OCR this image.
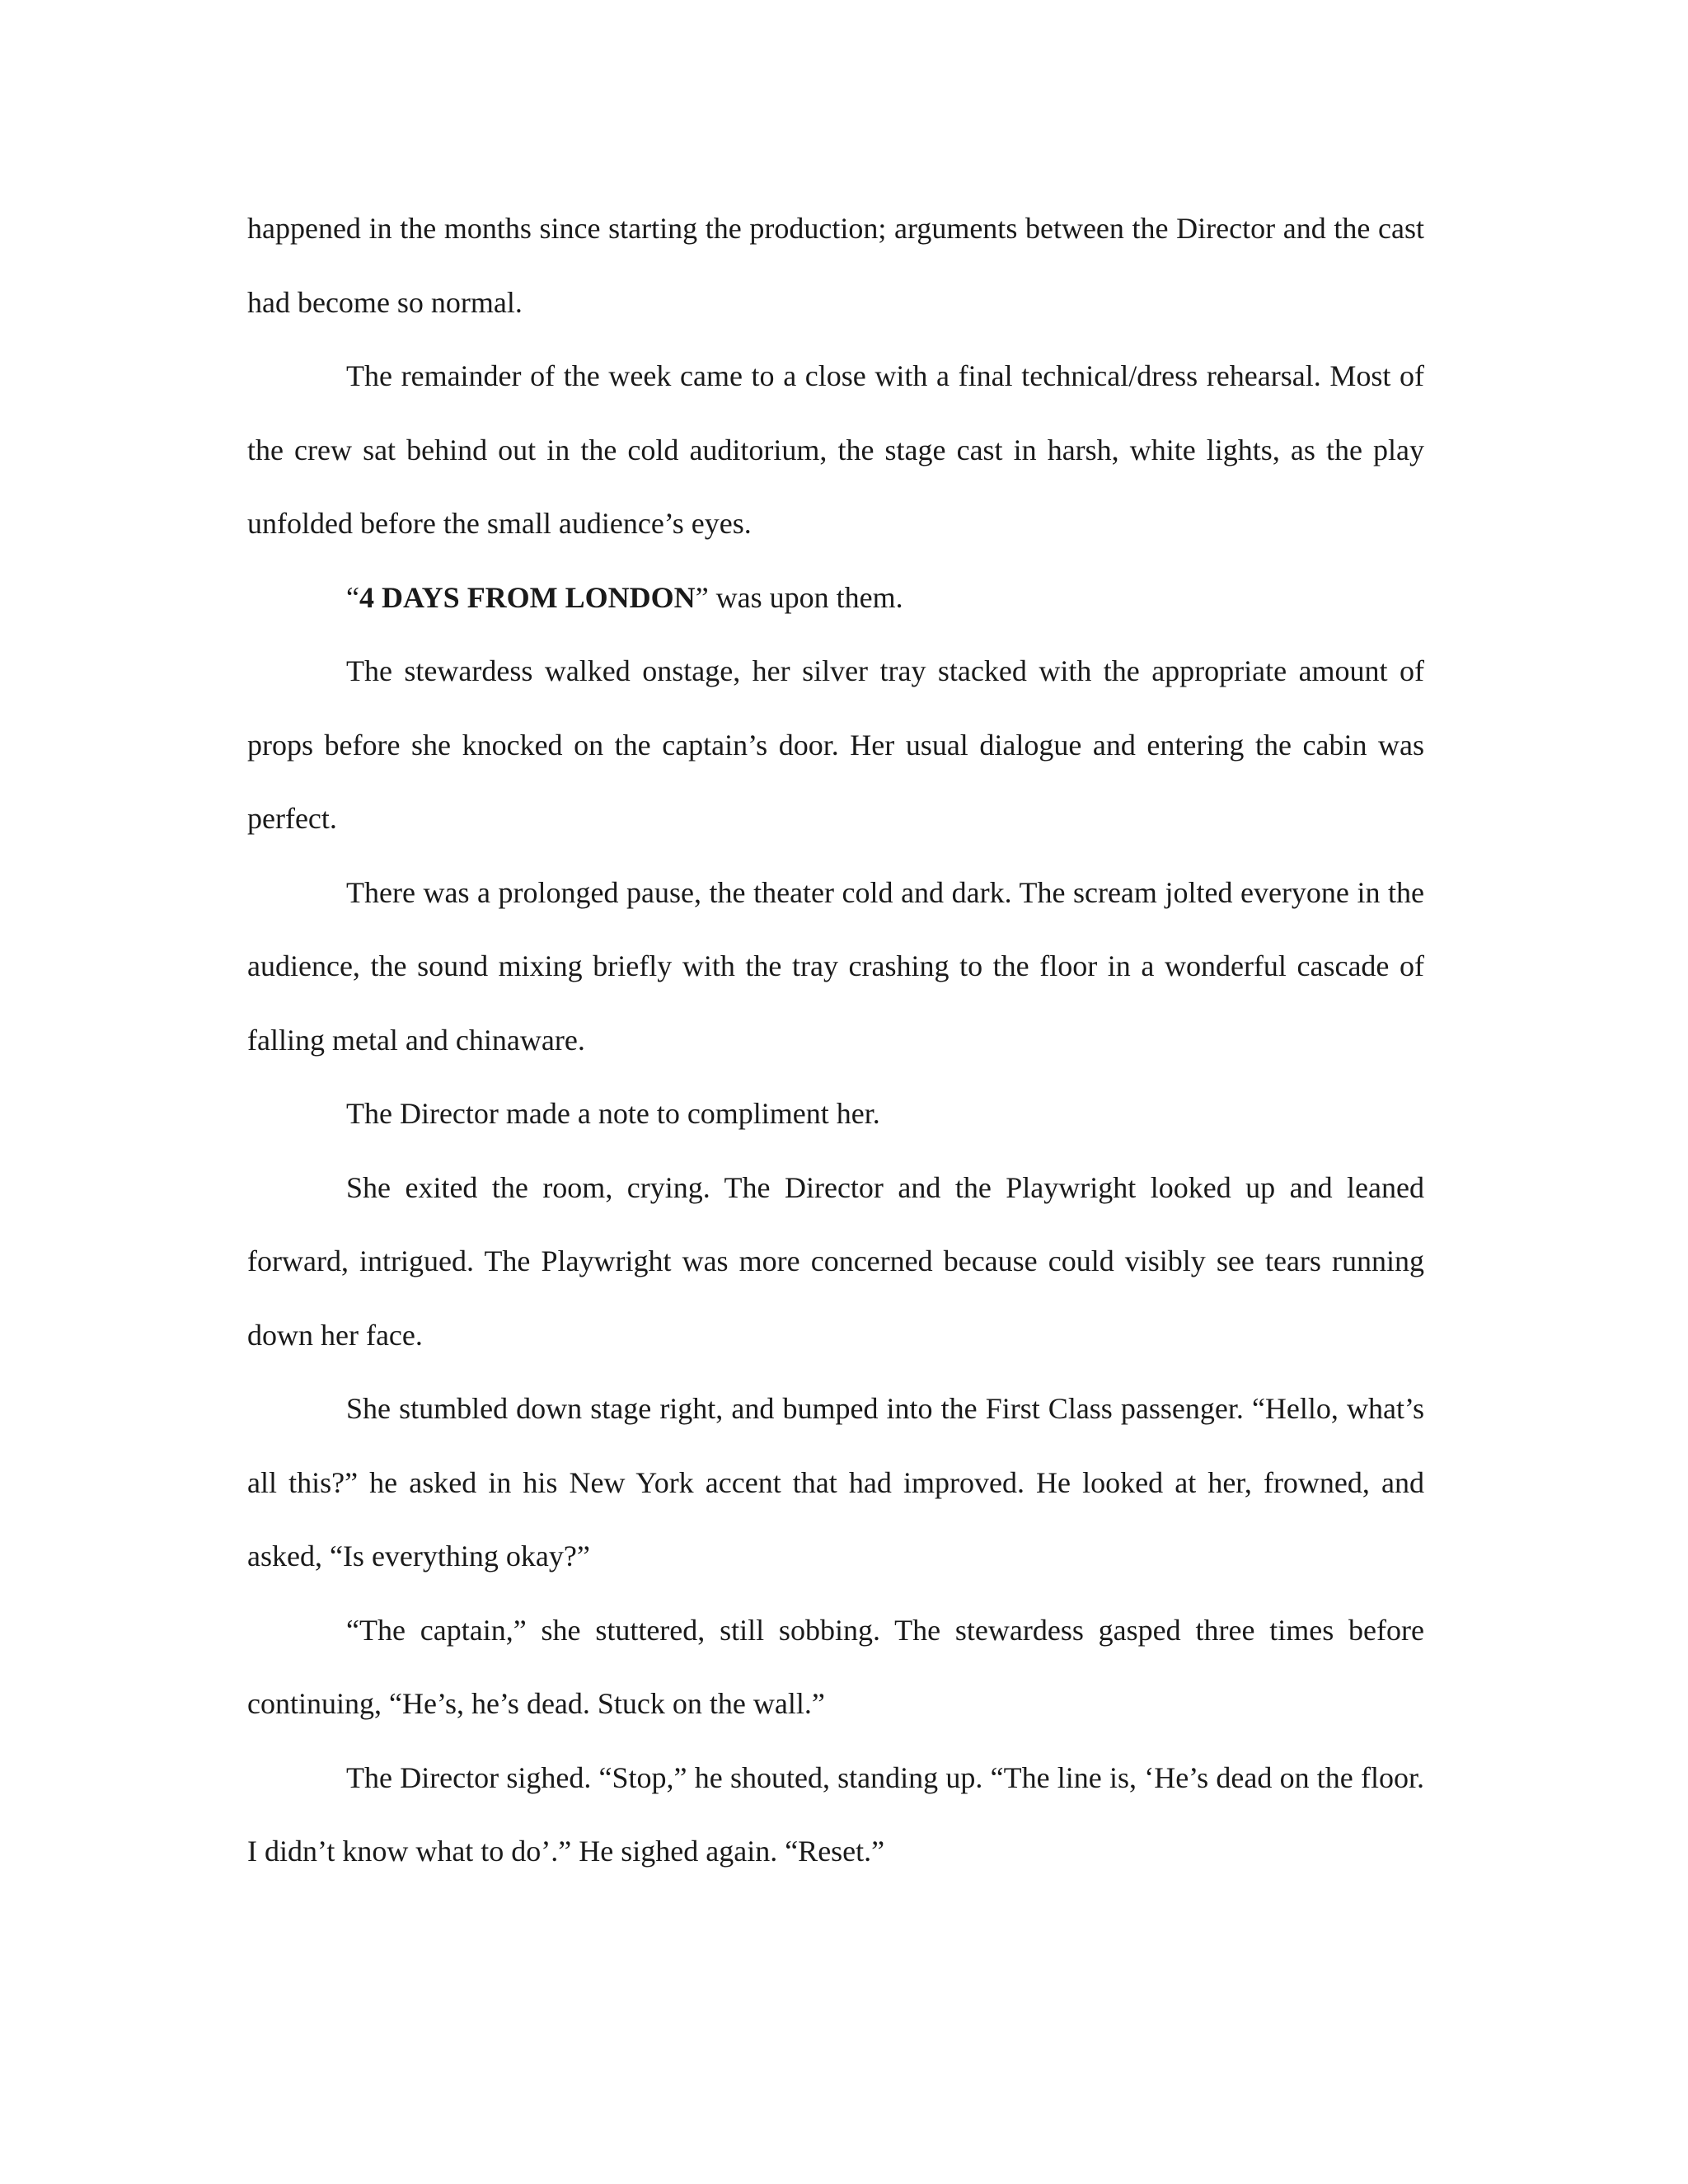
happened in the months since starting the production; arguments between the Director and the cast had become so normal.

The remainder of the week came to a close with a final technical/dress rehearsal. Most of the crew sat behind out in the cold auditorium, the stage cast in harsh, white lights, as the play unfolded before the small audience’s eyes.

“4 DAYS FROM LONDON” was upon them.

The stewardess walked onstage, her silver tray stacked with the appropriate amount of props before she knocked on the captain’s door. Her usual dialogue and entering the cabin was perfect.

There was a prolonged pause, the theater cold and dark. The scream jolted everyone in the audience, the sound mixing briefly with the tray crashing to the floor in a wonderful cascade of falling metal and chinaware.

The Director made a note to compliment her.

She exited the room, crying. The Director and the Playwright looked up and leaned forward, intrigued. The Playwright was more concerned because could visibly see tears running down her face.

She stumbled down stage right, and bumped into the First Class passenger. “Hello, what’s all this?” he asked in his New York accent that had improved. He looked at her, frowned, and asked, “Is everything okay?”

“The captain,” she stuttered, still sobbing. The stewardess gasped three times before continuing, “He’s, he’s dead. Stuck on the wall.”

The Director sighed. “Stop,” he shouted, standing up. “The line is, ‘He’s dead on the floor. I didn’t know what to do’.” He sighed again. “Reset.”
